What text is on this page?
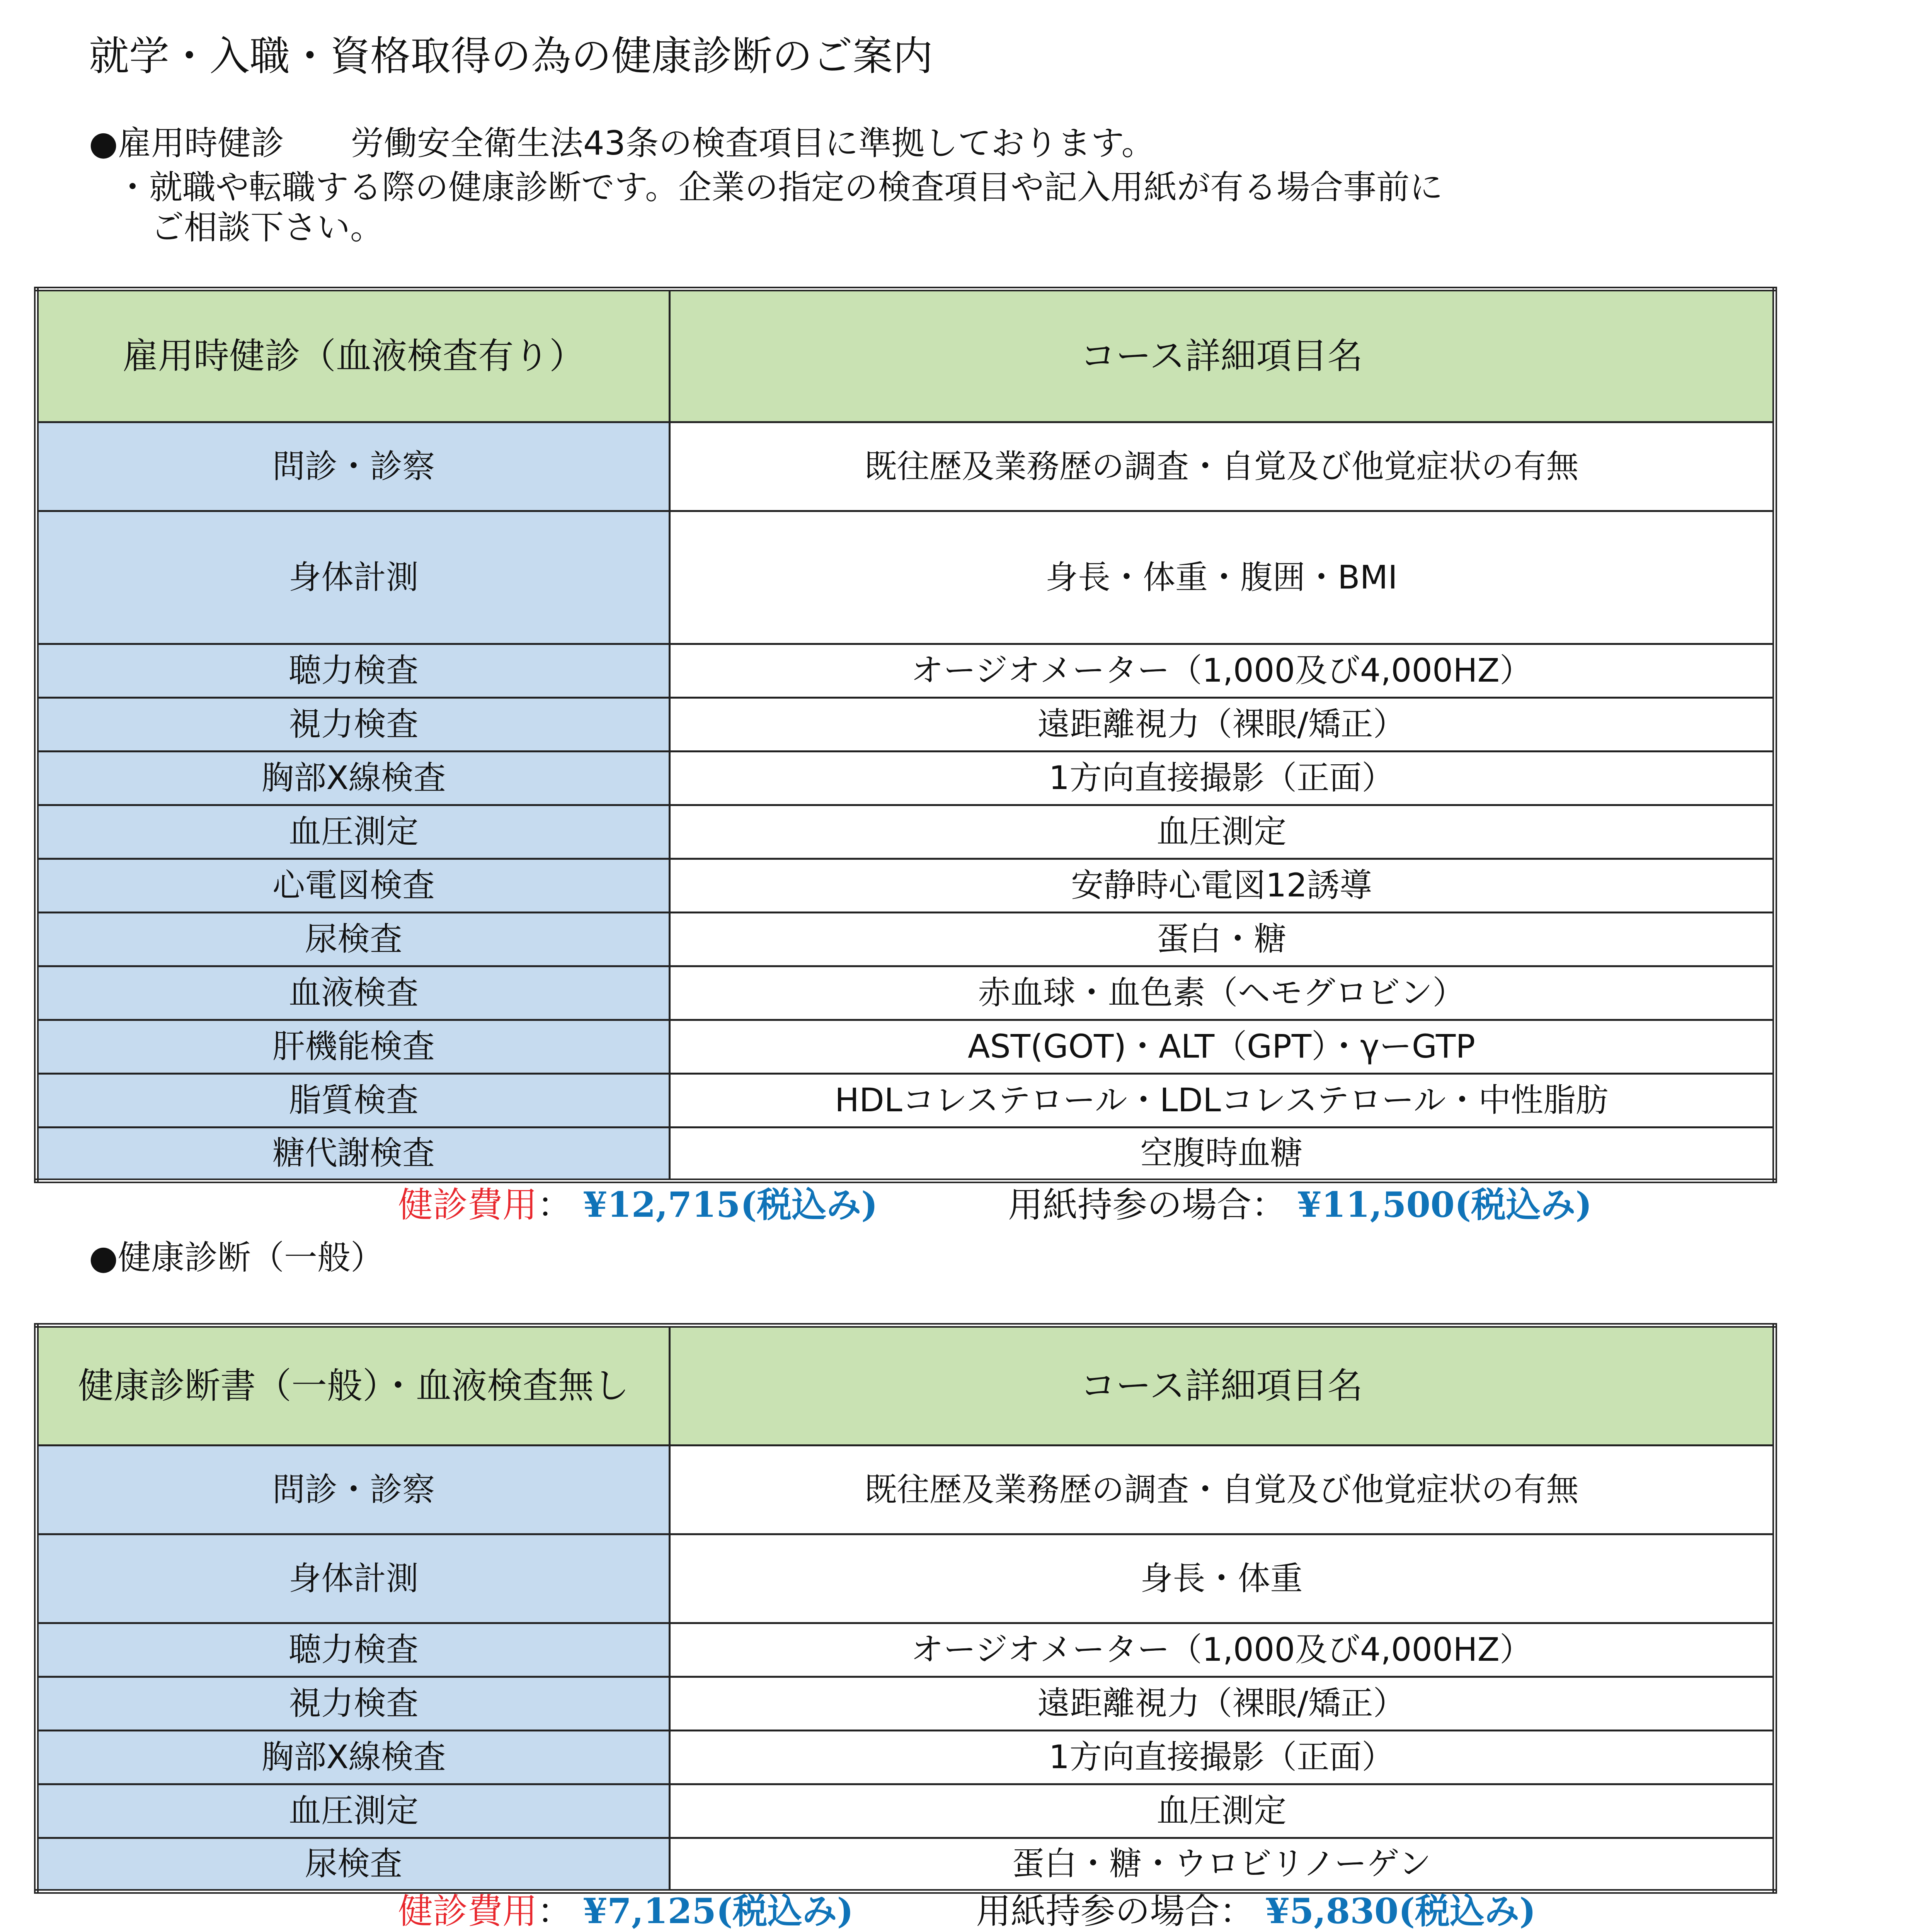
就学・入職・資格取得の為の健康診断のご案内
●雇用時健診　　労働安全衛生法43条の検査項目に準拠しております。
・就職や転職する際の健康診断です。企業の指定の検査項目や記入用紙が有る場合事前に
ご相談下さい。
雇用時健診（血液検査有り）	コース詳細項目名
問診・診察	既往歴及業務歴の調査・自覚及び他覚症状の有無
身体計測	身長・体重・腹囲・BMI
聴力検査	オージオメーター（1,000及び4,000HZ）
視力検査	遠距離視力（裸眼/矯正）
胸部X線検査	1方向直接撮影（正面）
血圧測定	血圧測定
心電図検査	安静時心電図12誘導
尿検査	蛋白・糖
血液検査	赤血球・血色素（ヘモグロビン）
肝機能検査	AST(GOT)・ALT（GPT）・γーGTP
脂質検査	HDLコレステロール・LDLコレステロール・中性脂肪
糖代謝検査	空腹時血糖
健診費用： ¥12,715(税込み)	用紙持参の場合： ¥11,500(税込み)
●健康診断（一般）
健康診断書（一般）・血液検査無し	コース詳細項目名
問診・診察	既往歴及業務歴の調査・自覚及び他覚症状の有無
身体計測	身長・体重
聴力検査	オージオメーター（1,000及び4,000HZ）
視力検査	遠距離視力（裸眼/矯正）
胸部X線検査	1方向直接撮影（正面）
血圧測定	血圧測定
尿検査	蛋白・糖・ウロビリノーゲン
健診費用： ¥7,125(税込み)	用紙持参の場合： ¥5,830(税込み)
